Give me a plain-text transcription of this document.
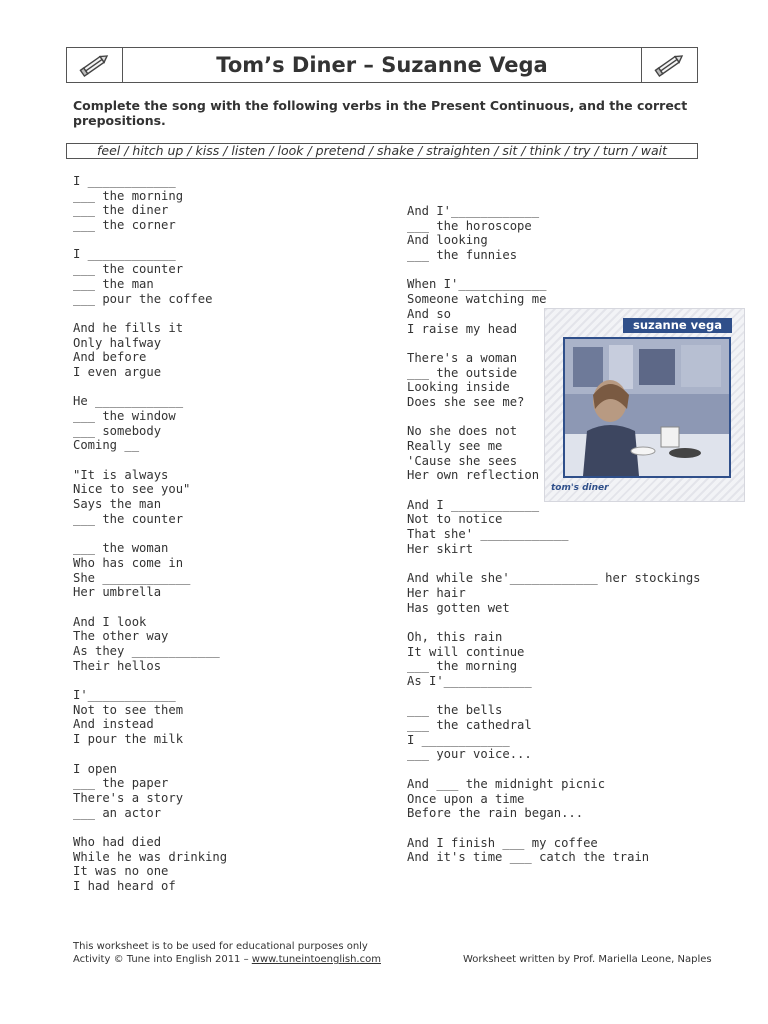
Tom’s Diner – Suzanne Vega
Complete the song with the following verbs in the Present Continuous, and the correct prepositions.
feel / hitch up / kiss / listen / look / pretend / shake / straighten / sit / think / try / turn / wait
I ____________
___ the morning
___ the diner
___ the corner
I ____________
___ the counter
___ the man
___ pour the coffee
And he fills it
Only halfway
And before
I even argue
He ____________
___ the window
___ somebody
Coming __
"It is always
Nice to see you"
Says the man
___ the counter
___ the woman
Who has come in
She ____________
Her umbrella
And I look
The other way
As they ____________
Their hellos
I'____________
Not to see them
And instead
I pour the milk
I open
___ the paper
There's a story
___ an actor
Who had died
While he was drinking
It was no one
I had heard of
And I'____________
___ the horoscope
And looking
___ the funnies
When I'____________
Someone watching me
And so
I raise my head
There's a woman
___ the outside
Looking inside
Does she see me?
No she does not
Really see me
'Cause she sees
Her own reflection
And I ____________
Not to notice
That she' ____________
Her skirt
And while she'____________ her stockings
Her hair
Has gotten wet
Oh, this rain
It will continue
___ the morning
As I'____________
___ the bells
___ the cathedral
I ____________
___ your voice...
And ___ the midnight picnic
Once upon a time
Before the rain began...
And I finish ___ my coffee
And it's time ___ catch the train
suzanne vega
tom's diner
This worksheet is to be used for educational purposes only
Activity © Tune into English 2011 – www.tuneintoenglish.com	Worksheet written by Prof. Mariella Leone, Naples
